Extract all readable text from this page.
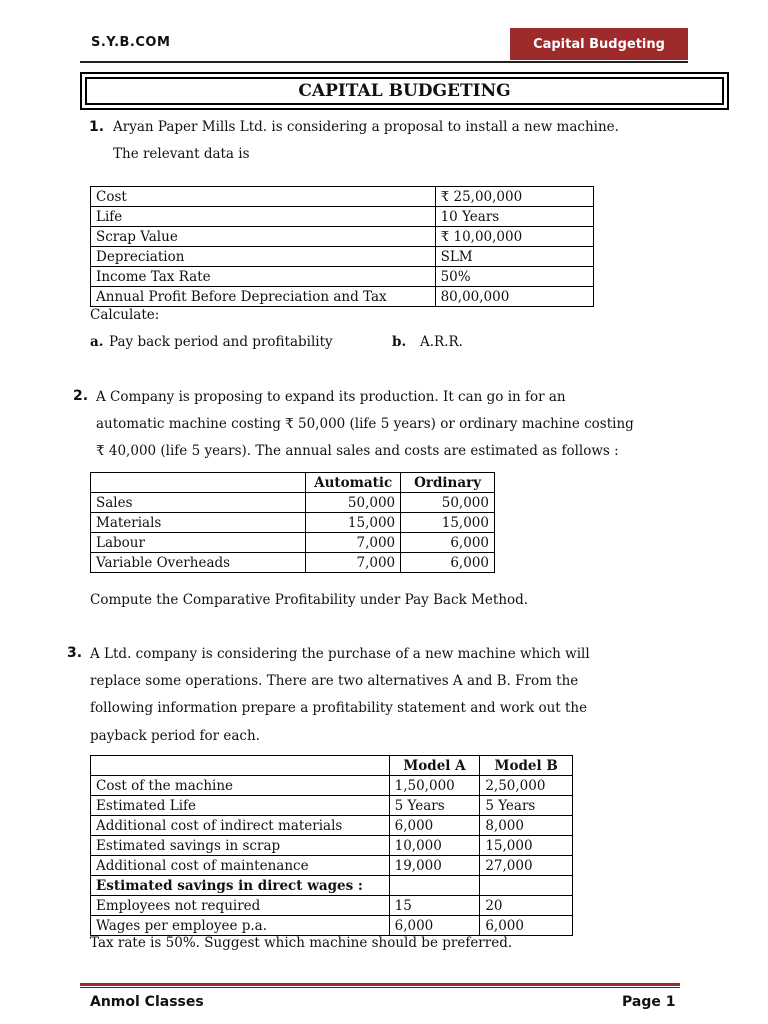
S.Y.B.COM	Capital Budgeting
CAPITAL BUDGETING
1. Aryan Paper Mills Ltd. is considering a proposal to install a new machine.
The relevant data is
Cost	₹ 25,00,000
Life	10 Years
Scrap Value	₹ 10,00,000
Depreciation	SLM
Income Tax Rate	50%
Annual Profit Before Depreciation and Tax	80,00,000
Calculate:
a. Pay back period and profitability	b. A.R.R.
2. A Company is proposing to expand its production. It can go in for an
automatic machine costing ₹ 50,000 (life 5 years) or ordinary machine costing
₹ 40,000 (life 5 years). The annual sales and costs are estimated as follows :
	Automatic	Ordinary
Sales	50,000	50,000
Materials	15,000	15,000
Labour	7,000	6,000
Variable Overheads	7,000	6,000
Compute the Comparative Profitability under Pay Back Method.
3. A Ltd. company is considering the purchase of a new machine which will
replace some operations. There are two alternatives A and B. From the
following information prepare a profitability statement and work out the
payback period for each.
	Model A	Model B
Cost of the machine	1,50,000	2,50,000
Estimated Life	5 Years	5 Years
Additional cost of indirect materials	6,000	8,000
Estimated savings in scrap	10,000	15,000
Additional cost of maintenance	19,000	27,000
Estimated savings in direct wages :		
Employees not required	15	20
Wages per employee p.a.	6,000	6,000
Tax rate is 50%. Suggest which machine should be preferred.
Anmol Classes	Page 1
